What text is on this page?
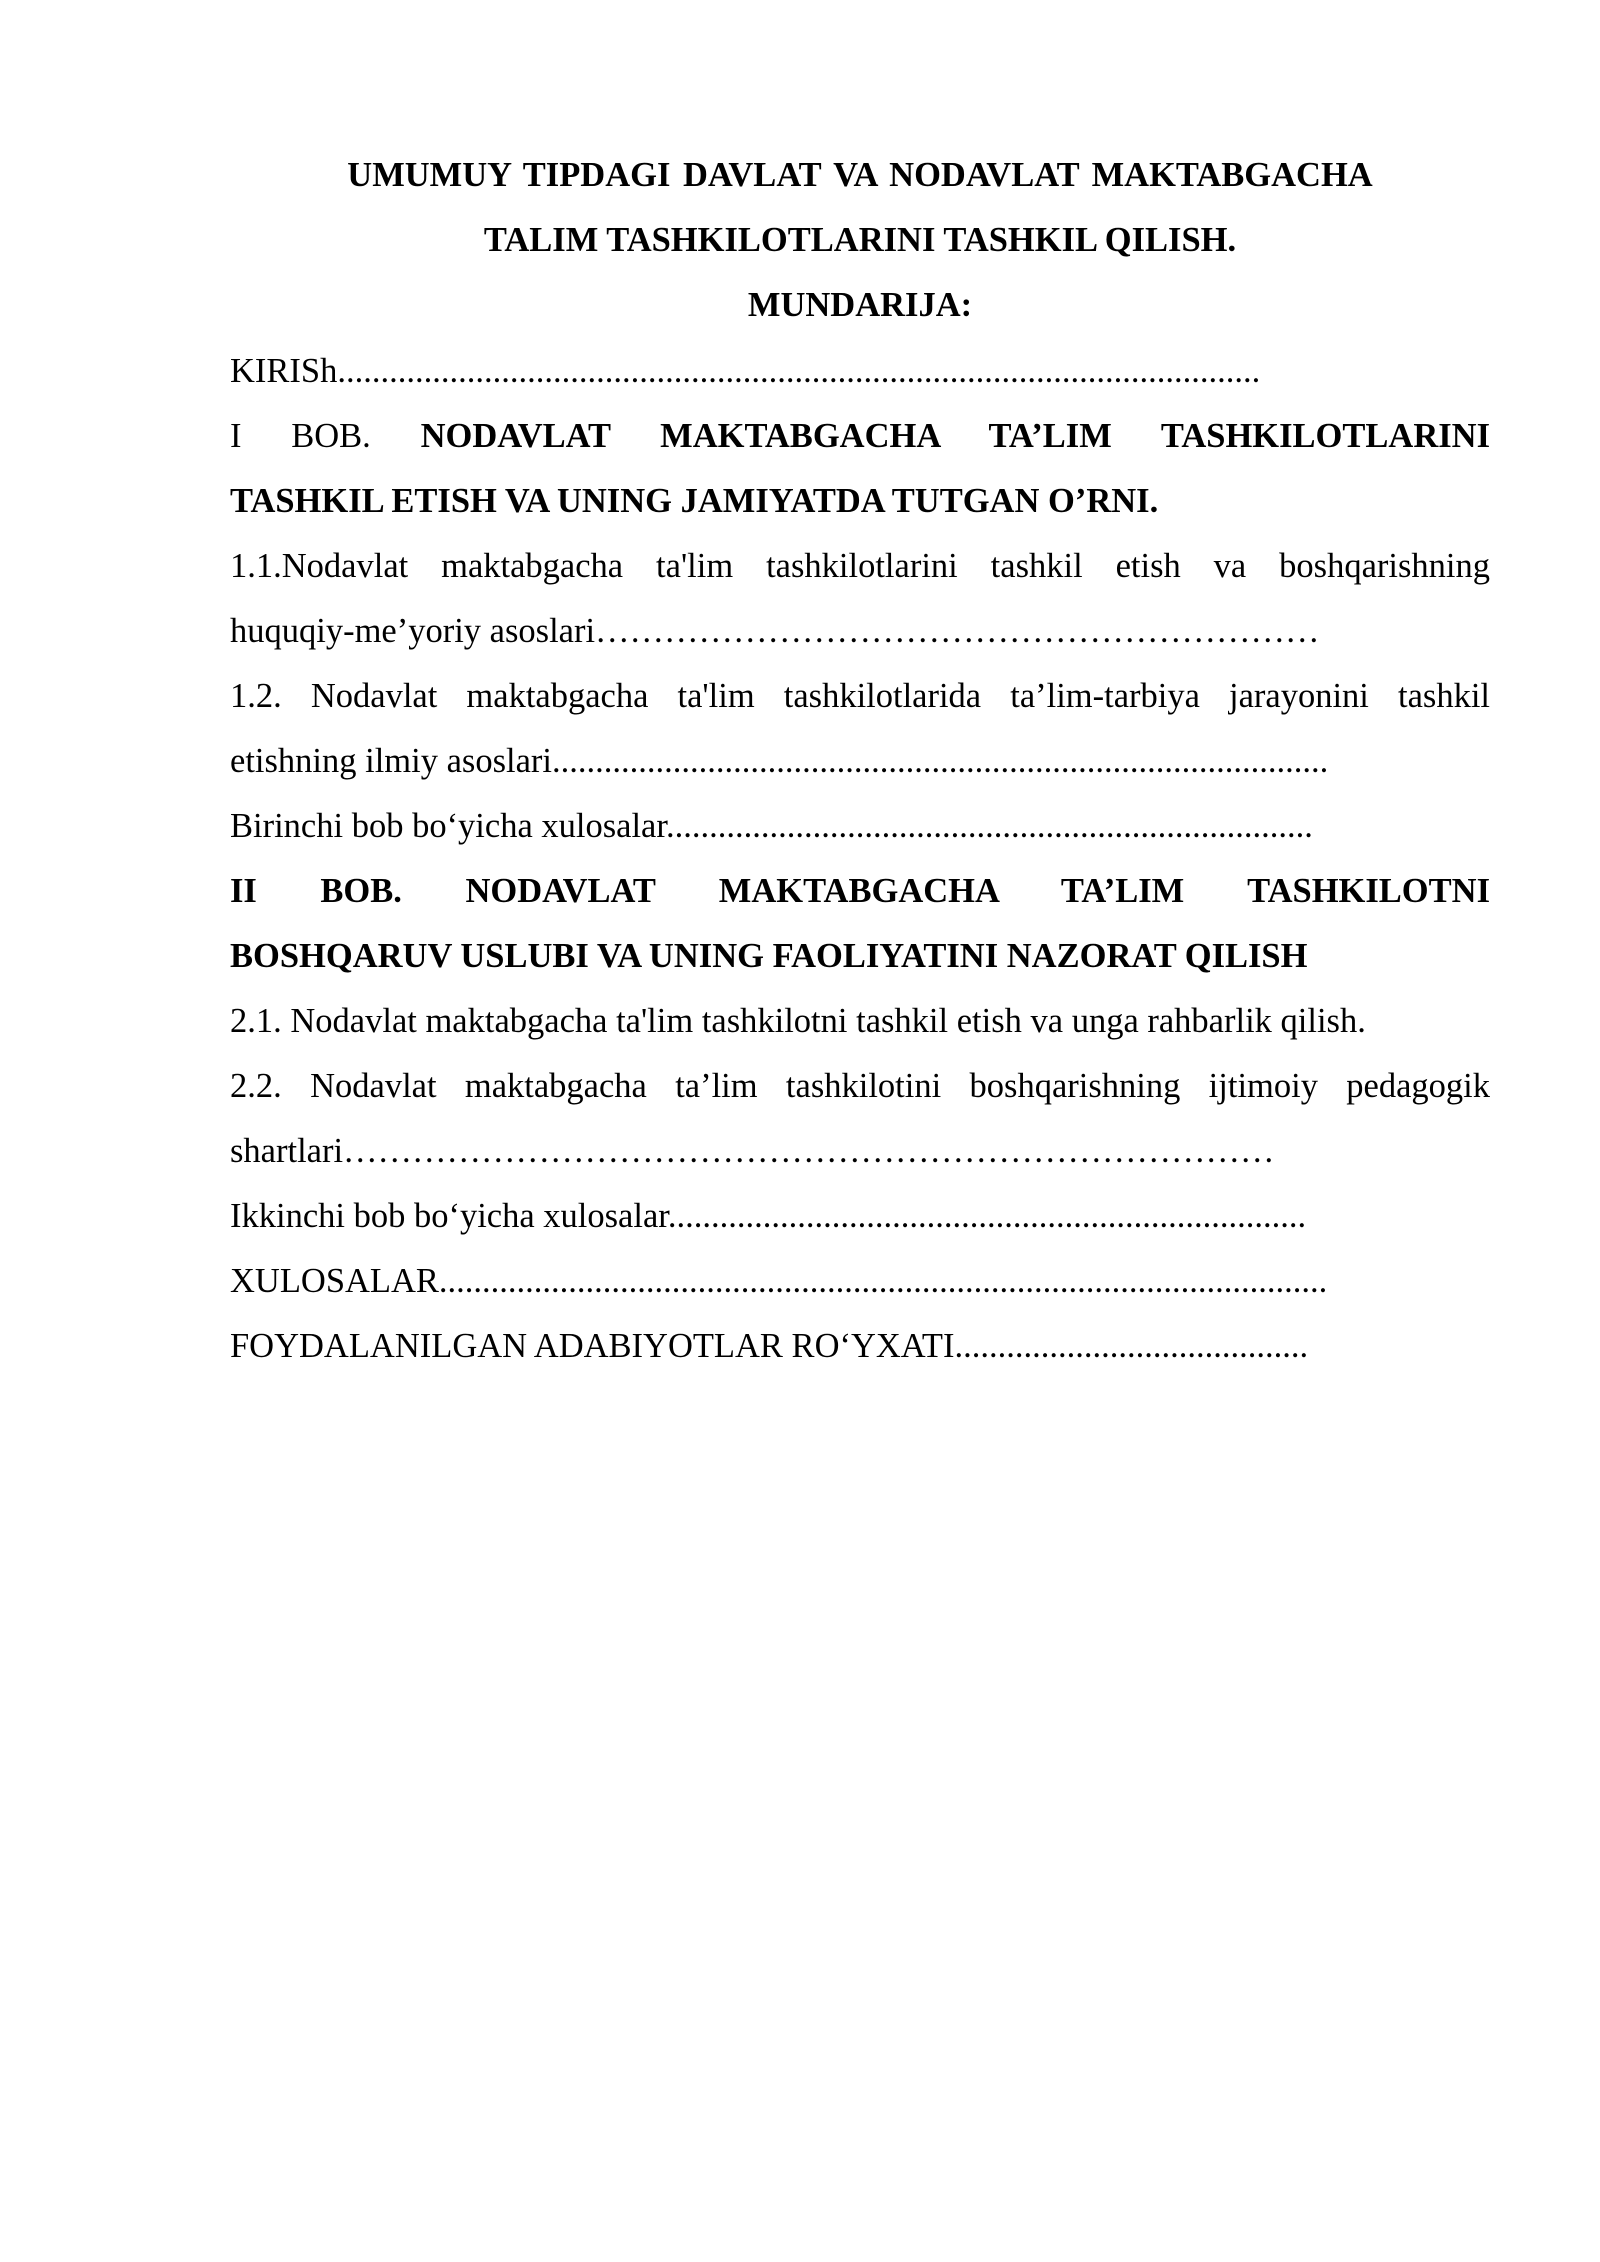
UMUMUY TIPDAGI DAVLAT VA NODAVLAT MAKTABGACHA

TALIM TASHKILOTLARINI TASHKIL QILISH.

MUNDARIJA:

KIRISh...........................................................................................................
I BOB. NODAVLAT MAKTABGACHA TA’LIM TASHKILOTLARINI
TASHKIL ETISH VA UNING JAMIYATDA TUTGAN O’RNI.
1.1.Nodavlat maktabgacha ta'lim tashkilotlarini tashkil etish va boshqarishning
huquqiy-me’yoriy asoslari………………………………………………………
1.2. Nodavlat maktabgacha ta'lim tashkilotlarida ta’lim-tarbiya jarayonini tashkil
etishning ilmiy asoslari..........................................................................................
Birinchi bob bo‘yicha xulosalar...........................................................................
II BOB. NODAVLAT MAKTABGACHA TA’LIM TASHKILOTNI
BOSHQARUV USLUBI VA UNING FAOLIYATINI NAZORAT QILISH
2.1. Nodavlat maktabgacha ta'lim tashkilotni tashkil etish va unga rahbarlik qilish.
2.2. Nodavlat maktabgacha ta’lim tashkilotini boshqarishning ijtimoiy pedagogik
shartlari………………………………………………………………………
Ikkinchi bob bo‘yicha xulosalar..........................................................................
XULOSALAR.......................................................................................................
FOYDALANILGAN ADABIYOTLAR RO‘YXATI.........................................
